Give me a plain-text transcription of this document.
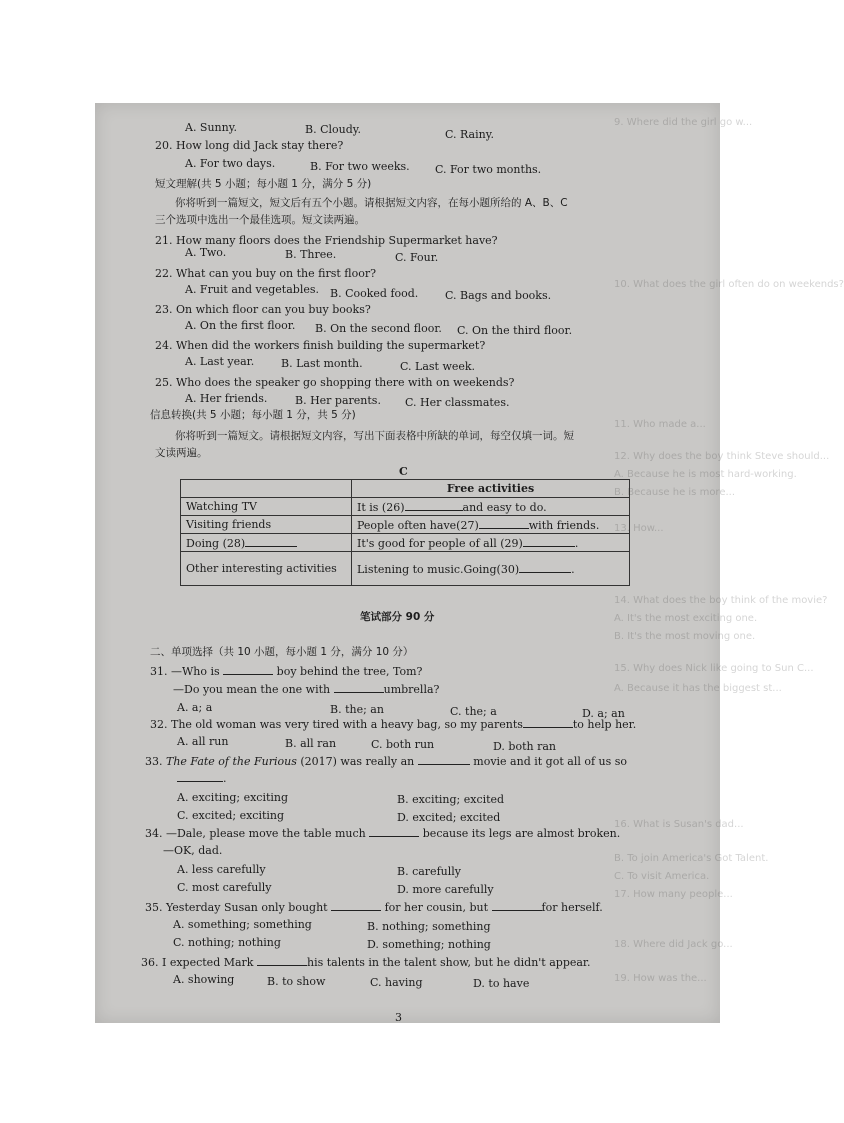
9. Where did the girl go w...
10. What does the girl often do on weekends?
11. Who made a...
12. Why does the boy think Steve should...
A. Because he is most hard-working.
B. Because he is more...
13. How...
14. What does the boy think of the movie?
A. It's the most exciting one.
B. It's the most moving one.
15. Why does Nick like going to Sun C...
A. Because it has the biggest st...
16. What is Susan's dad...
B. To join America's Got Talent.
C. To visit America.
17. How many people...
18. Where did Jack go...
19. How was the...
A. Sunny.	B. Cloudy.	C. Rainy.
20. How long did Jack stay there?
A. For two days.	B. For two weeks. C. For two months.
短文理解(共 5 小题；每小题 1 分，满分 5 分)
你将听到一篇短文，短文后有五个小题。请根据短文内容，在每小题所给的 A、B、C
三个选项中选出一个最佳选项。短文读两遍。
21. How many floors does the Friendship Supermarket have?
A. Two.	B. Three.	C. Four.
22. What can you buy on the first floor?
A. Fruit and vegetables. B. Cooked food. C. Bags and books.
23. On which floor can you buy books?
A. On the first floor. B. On the second floor. C. On the third floor.
24. When did the workers finish building the supermarket?
A. Last year. B. Last month.	C. Last week.
25. Who does the speaker go shopping there with on weekends?
A. Her friends.	B. Her parents. C. Her classmates.
信息转换(共 5 小题；每小题 1 分，共 5 分)
你将听到一篇短文。请根据短文内容，写出下面表格中所缺的单词，每空仅填一词。短
文读两遍。
C
	Free activities
Watching TV	It is (26) and easy to do.
Visiting friends	People often have(27) with friends.
Doing (28)	It's good for people of all (29) .
Other interesting activities	Listening to music.Going(30) .
笔试部分 90 分
二、单项选择（共 10 小题，每小题 1 分，满分 10 分）
31. —Who is	boy behind the tree, Tom?
—Do you mean the one with	umbrella?
A. a; a	B. the; an	C. the; a	D. a; an
32. The old woman was very tired with a heavy bag, so my parents	to help her.
A. all run	B. all ran	C. both run	D. both ran
33. The Fate of the Furious (2017) was really an	movie and it got all of us so
.
A. exciting; exciting	B. exciting; excited
C. excited; exciting	D. excited; excited
34. —Dale, please move the table much	because its legs are almost broken.
—OK, dad.
A. less carefully	B. carefully
C. most carefully	D. more carefully
35. Yesterday Susan only bought	for her cousin, but	for herself.
A. something; something	B. nothing; something
C. nothing; nothing	D. something; nothing
36. I expected Mark	his talents in the talent show, but he didn't appear.
A. showing	B. to show	C. having	D. to have
3
